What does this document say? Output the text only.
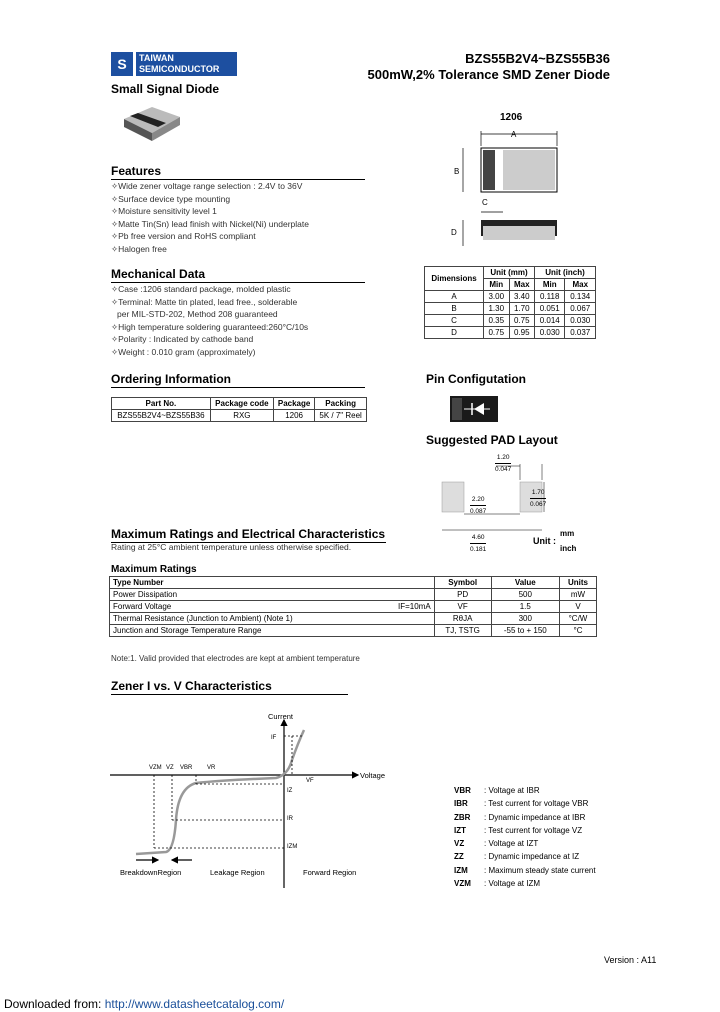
S	TAIWAN
SEMICONDUCTOR
BZS55B2V4~BZS55B36
500mW,2% Tolerance SMD Zener Diode
Small Signal Diode
1206
A
B
C
D
Features
✧Wide zener voltage range selection : 2.4V to 36V
✧Surface device type mounting
✧Moisture sensitivity level 1
✧Matte Tin(Sn) lead finish with Nickel(Ni) underplate
✧Pb free version and RoHS compliant
✧Halogen free
Mechanical Data
✧Case :1206 standard package, molded plastic
✧Terminal: Matte tin plated, lead free., solderable
per MIL-STD-202, Method 208 guaranteed
✧High temperature soldering guaranteed:260°C/10s
✧Polarity : Indicated by cathode band
✧Weight : 0.010 gram (approximately)
Dimensions	Unit (mm)		Unit (inch)	
	Min	Max	Min	Max
A	3.00	3.40	0.118	0.134
B	1.30	1.70	0.051	0.067
C	0.35	0.75	0.014	0.030
D	0.75	0.95	0.030	0.037
Ordering Information
Part No.	Package code	Package	Packing
BZS55B2V4~BZS55B36	RXG	1206	5K / 7" Reel
Pin Configutation
Suggested PAD Layout
1.20
0.047
2.20
0.087
1.70
0.067
4.60
0.181
Unit :
mm
inch
Maximum Ratings and Electrical Characteristics
Rating at 25°C ambient temperature unless otherwise specified.
Maximum Ratings
Type Number		Symbol	Value	Units
Power Dissipation		PD	500	mW
Forward Voltage	IF=10mA	VF	1.5	V
Thermal Resistance (Junction to Ambient) (Note 1)		RθJA	300	°C/W
Junction and Storage Temperature Range		TJ, TSTG	-55 to + 150	°C
Note:1. Valid provided that electrodes are kept at ambient temperature
Zener I vs. V Characteristics
Current
Voltage
VZM VZ VBR VR
VF
IF
IZ
IR
IZM
BreakdownRegion	Leakage Region	Forward Region
VBR : Voltage at IBR
IBR : Test current for voltage VBR
ZBR : Dynamic impedance at IBR
IZT : Test current for voltage VZ
VZ : Voltage at IZT
ZZ	: Dynamic impedance at IZ
IZM : Maximum steady state current
VZM : Voltage at IZM
Version : A11
Downloaded from: http://www.datasheetcatalog.com/
